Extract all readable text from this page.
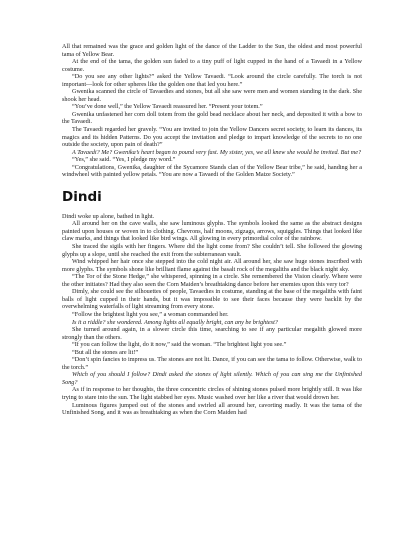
All that remained was the grace and golden light of the dance of the Ladder to the Sun, the oldest and most powerful tama of Yellow Bear.

At the end of the tama, the golden sun faded to a tiny puff of light cupped in the hand of a Tavaedi in a Yellow costume.

“Do you see any other lights?” asked the Yellow Tavaedi. “Look around the circle carefully. The torch is not important—look for other spheres like the golden one that led you here.”

Gwenika scanned the circle of Tavaedies and stones, but all she saw were men and women standing in the dark. She shook her head.

“You’ve done well,” the Yellow Tavaedi reassured her. “Present your totem.”

Gwenika unfastened her corn doll totem from the gold bead necklace about her neck, and deposited it with a bow to the Tavaedi.

The Tavaedi regarded her gravely. “You are invited to join the Yellow Dancers secret society, to learn its dances, its magics and its hidden Patterns. Do you accept the invitation and pledge to impart knowledge of the secrets to no one outside the society, upon pain of death?”

A Tavaedi? Me? Gwenika’s heart began to pound very fast. My sister, yes, we all knew she would be invited. But me?

“Yes,” she said. “Yes, I pledge my word.”

“Congratulations, Gwenika, daughter of the Sycamore Stands clan of the Yellow Bear tribe,” he said, handing her a windwheel with painted yellow petals. “You are now a Tavaedi of the Golden Maize Society.”

Dindi

Dindi woke up alone, bathed in light.

All around her on the cave walls, she saw luminous glyphs. The symbols looked the same as the abstract designs painted upon houses or woven in to clothing. Chevrons, half moons, zigzags, arrows, squiggles. Things that looked like claw marks, and things that looked like bird wings. All glowing in every primordial color of the rainbow.

She traced the sigils with her fingers. Where did the light come from? She couldn’t tell. She followed the glowing glyphs up a slope, until she reached the exit from the subterranean vault.

Wind whipped her hair once she stepped into the cold night air. All around her, she saw huge stones inscribed with more glyphs. The symbols shone like brilliant flame against the basalt rock of the megaliths and the black night sky.

“The Tor of the Stone Hedge,” she whispered, spinning in a circle. She remembered the Vision clearly. Where were the other initiates? Had they also seen the Corn Maiden’s breathtaking dance before her enemies upon this very tor?

Dimly, she could see the silhouettes of people, Tavaedies in costume, standing at the base of the megaliths with faint balls of light cupped in their hands, but it was impossible to see their faces because they were backlit by the overwhelming waterfalls of light streaming from every stone.

“Follow the brightest light you see,” a woman commanded her.

Is it a riddle? she wondered. Among lights all equally bright, can any be brightest?

She turned around again, in a slower circle this time, searching to see if any particular megalith glowed more strongly than the others.

“If you can follow the light, do it now,” said the woman. “The brightest light you see.”

“But all the stones are lit!”

“Don’t spin fancies to impress us. The stones are not lit. Dance, if you can see the tama to follow. Otherwise, walk to the torch.”

Which of you should I follow? Dindi asked the stones of light silently. Which of you can sing me the Unfinished Song?

As if in response to her thoughts, the three concentric circles of shining stones pulsed more brightly still. It was like trying to stare into the sun. The light stabbed her eyes. Music washed over her like a river that would drown her.

Luminous figures jumped out of the stones and swirled all around her, cavorting madly. It was the tama of the Unfinished Song, and it was as breathtaking as when the Corn Maiden had
